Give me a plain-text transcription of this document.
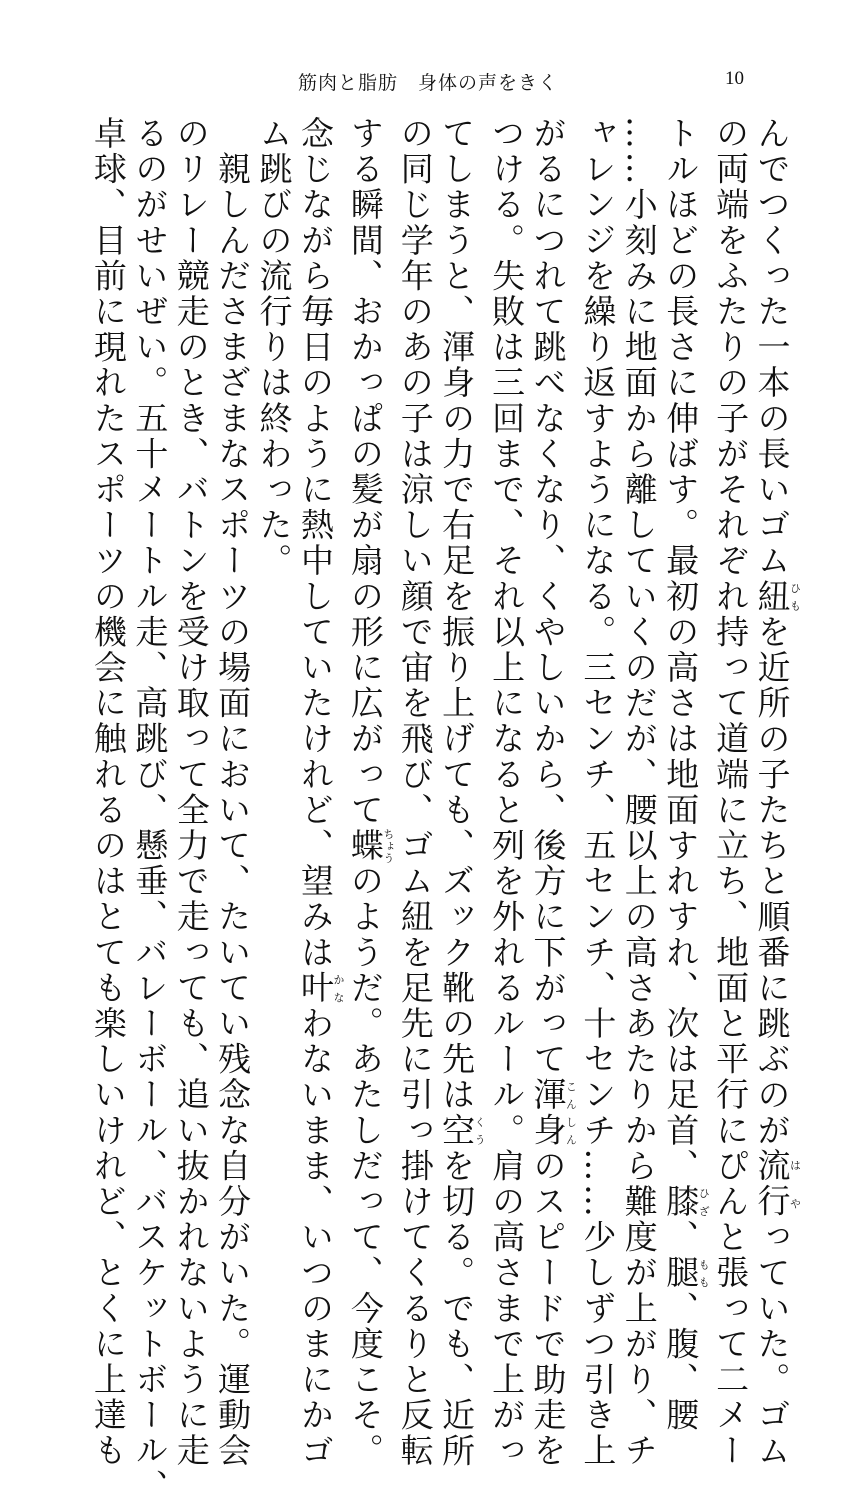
筋肉と脂肪　身体の声をきく	10

んでつくった一本の長いゴム紐ひもを近所の子たちと順番に跳ぶのが流行はやっていた。ゴム

の両端をふたりの子がそれぞれ持って道端に立ち、地面と平行にぴんと張って二メー

トルほどの長さに伸ばす。最初の高さは地面すれすれ、次は足首、膝ひざ、腿もも、腹、腰

……小刻みに地面から離していくのだが、腰以上の高さあたりから難度が上がり、チ

ャレンジを繰り返すようになる。三センチ、五センチ、十センチ……少しずつ引き上

がるにつれて跳べなくなり、くやしいから、後方に下がって渾身こんしんのスピードで助走を

つける。失敗は三回まで、それ以上になると列を外れるルール。肩の高さまで上がっ

てしまうと、渾身の力で右足を振り上げても、ズック靴の先は空くうを切る。でも、近所

の同じ学年のあの子は涼しい顔で宙を飛び、ゴム紐を足先に引っ掛けてくるりと反転

する瞬間、おかっぱの髪が扇の形に広がって蝶ちょうのようだ。あたしだって、今度こそ。

念じながら毎日のように熱中していたけれど、望みは叶かなわないまま、いつのまにかゴ

ム跳びの流行りは終わった。

　親しんださまざまなスポーツの場面において、たいてい残念な自分がいた。運動会

のリレー競走のとき、バトンを受け取って全力で走っても、追い抜かれないように走

るのがせいぜい。五十メートル走、高跳び、懸垂、バレーボール、バスケットボール、

卓球、目前に現れたスポーツの機会に触れるのはとても楽しいけれど、とくに上達も
